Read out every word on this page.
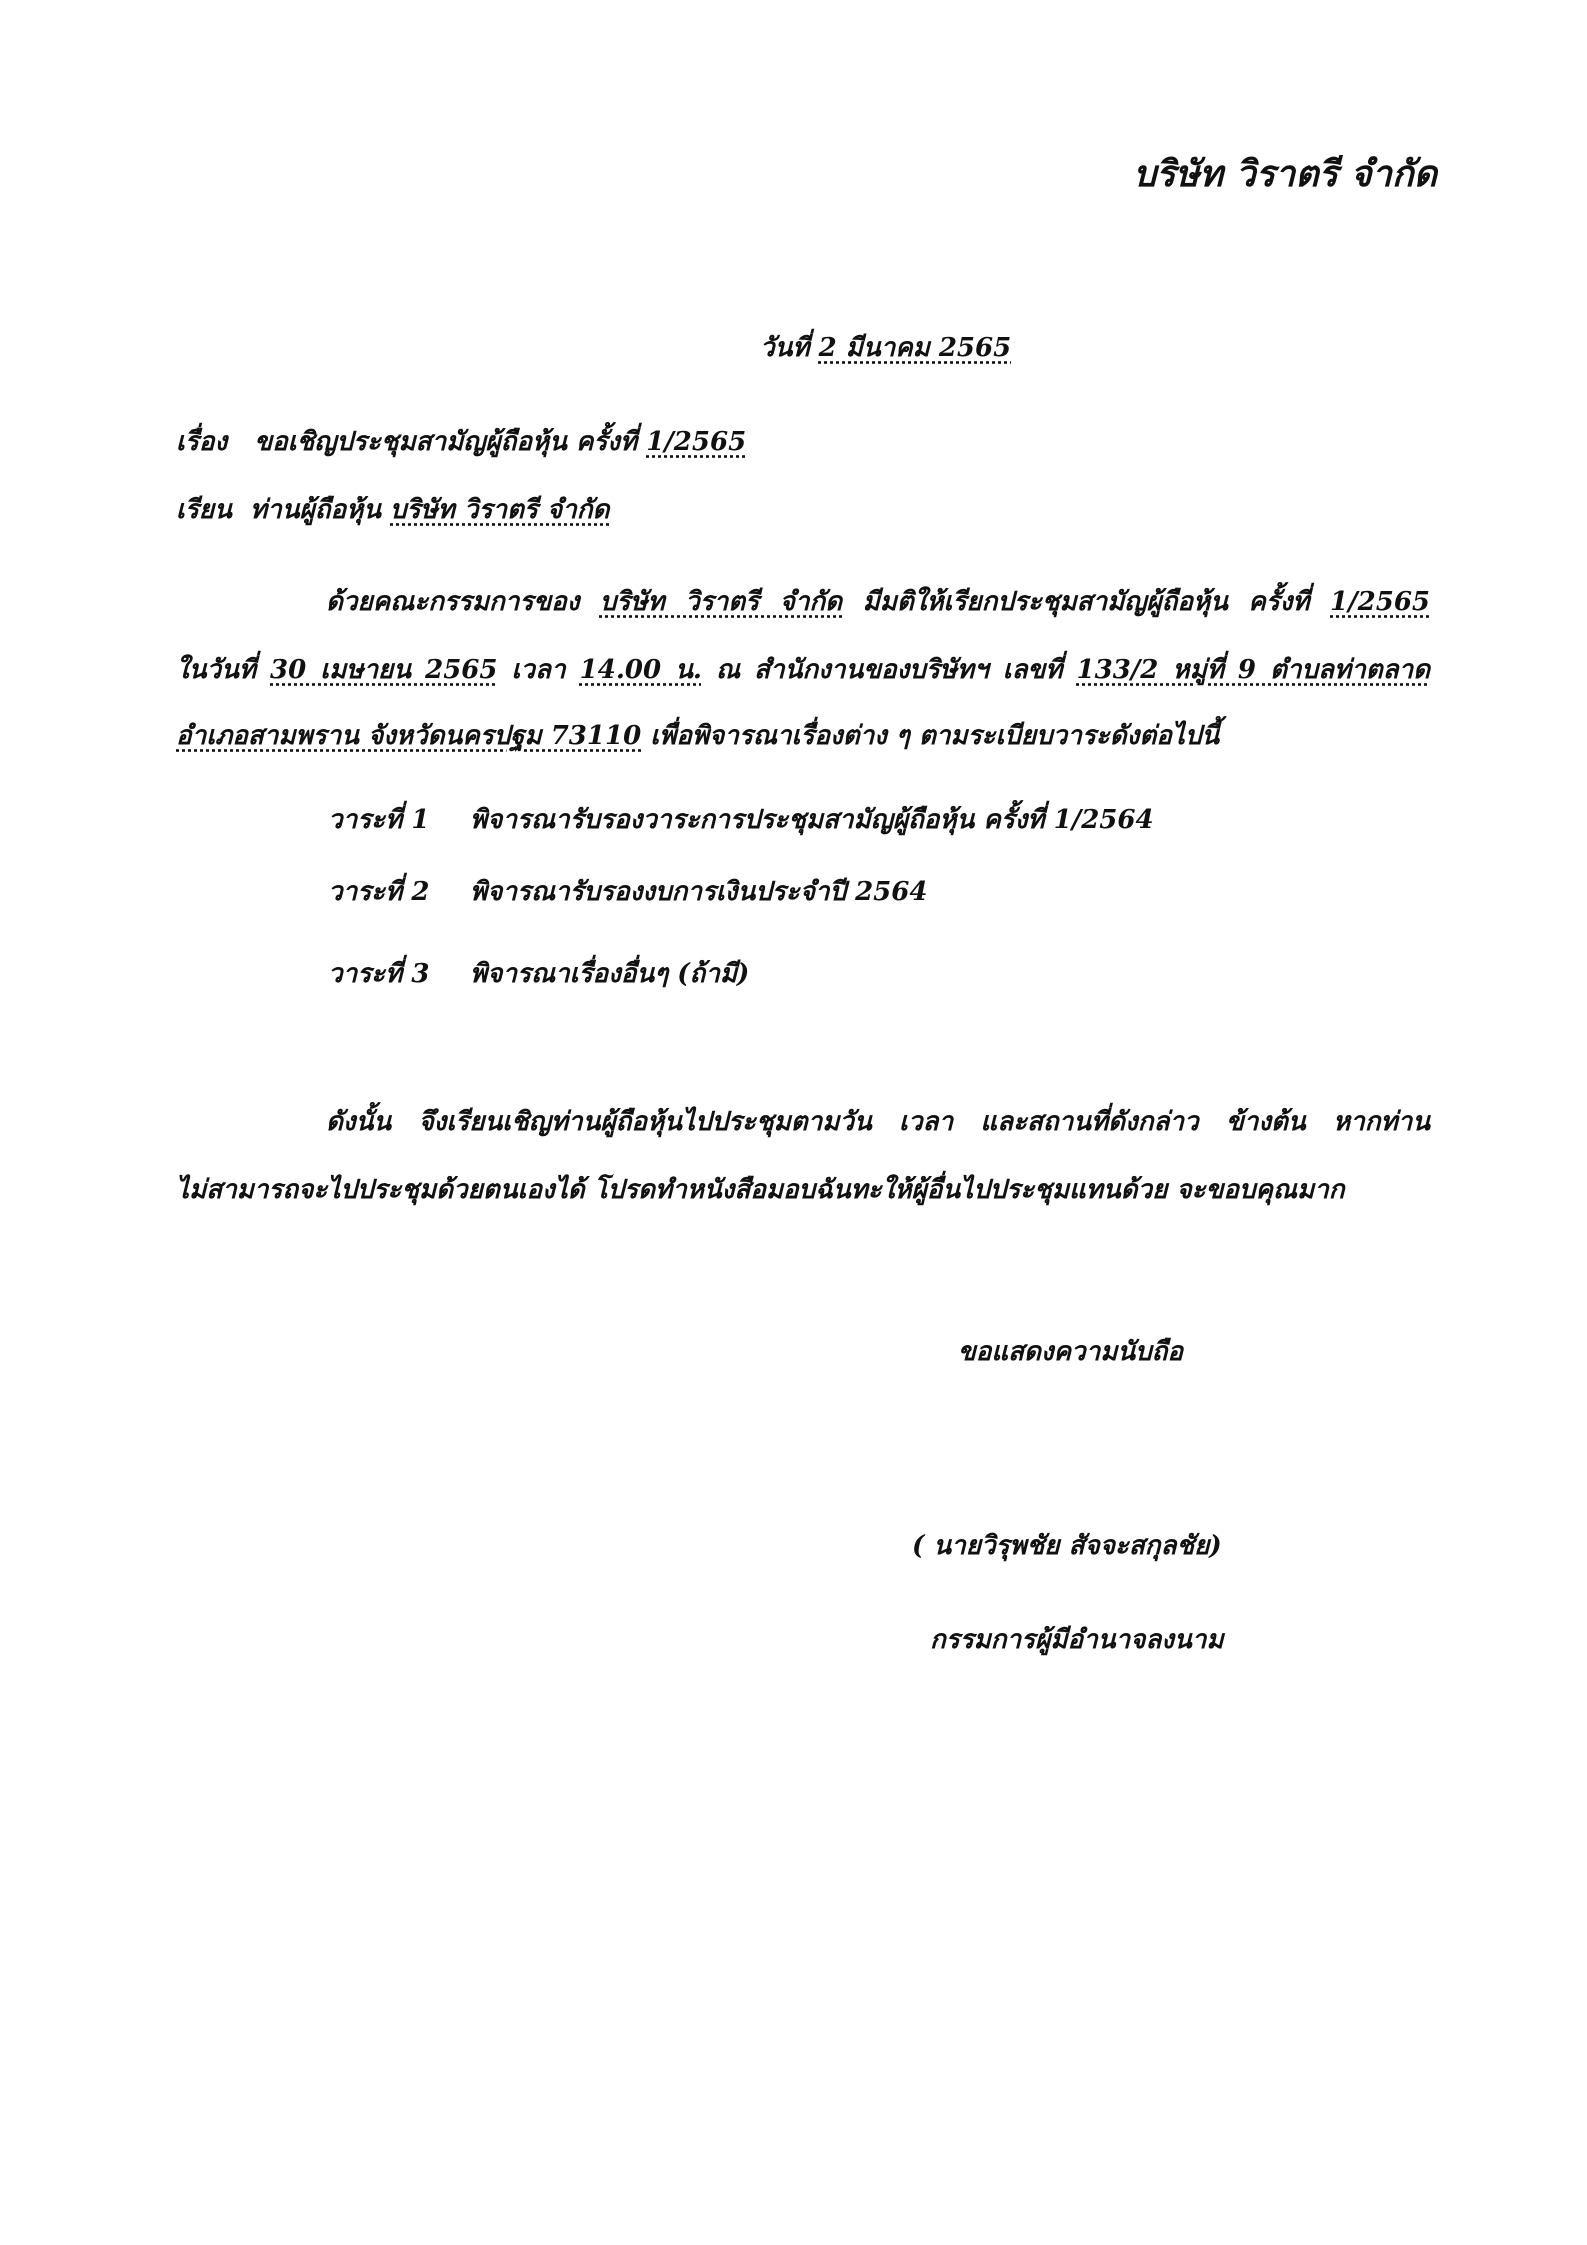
บริษัท วิราตรี จำกัด
วันที่ 2 มีนาคม 2565
เรื่อง ขอเชิญประชุมสามัญผู้ถือหุ้น ครั้งที่ 1/2565
เรียน ท่านผู้ถือหุ้น บริษัท วิราตรี จำกัด
ด้วยคณะกรรมการของ บริษัท วิราตรี จำกัด มีมติให้เรียกประชุมสามัญผู้ถือหุ้น ครั้งที่ 1/2565
ในวันที่ 30 เมษายน 2565 เวลา 14.00 น. ณ สำนักงานของบริษัทฯ เลขที่ 133/2 หมู่ที่ 9 ตำบลท่าตลาด
อำเภอสามพราน จังหวัดนครปฐม 73110 เพื่อพิจารณาเรื่องต่าง ๆ ตามระเบียบวาระดังต่อไปนี้
วาระที่ 1 พิจารณารับรองวาระการประชุมสามัญผู้ถือหุ้น ครั้งที่ 1/2564
วาระที่ 2 พิจารณารับรองงบการเงินประจำปี 2564
วาระที่ 3 พิจารณาเรื่องอื่นๆ (ถ้ามี)
ดังนั้น จึงเรียนเชิญท่านผู้ถือหุ้นไปประชุมตามวัน เวลา และสถานที่ดังกล่าว ข้างต้น หากท่าน
ไม่สามารถจะไปประชุมด้วยตนเองได้ โปรดทำหนังสือมอบฉันทะให้ผู้อื่นไปประชุมแทนด้วย จะขอบคุณมาก
ขอแสดงความนับถือ
( นายวิรุพชัย สัจจะสกุลชัย)
กรรมการผู้มีอำนาจลงนาม
